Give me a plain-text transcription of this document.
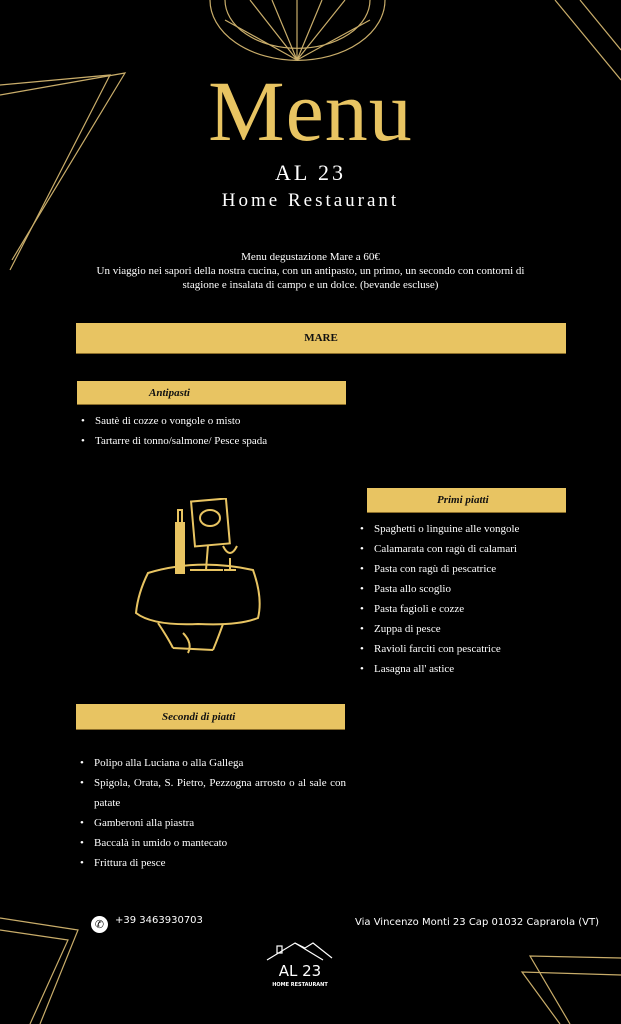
Menu
AL 23
Home Restaurant
Menu degustazione Mare a 60€
Un viaggio nei sapori della nostra cucina, con un antipasto, un primo, un secondo con contorni di stagione e insalata di campo e un dolce. (bevande escluse)
MARE
Antipasti
• Sautè di cozze o vongole o misto
• Tartarre di tonno/salmone/ Pesce spada
Primi piatti
• Spaghetti o linguine alle vongole
• Calamarata con ragù di calamari
• Pasta con ragù di pescatrice
• Pasta allo scoglio
• Pasta fagioli e cozze
• Zuppa di pesce
• Ravioli farciti con pescatrice
• Lasagna all' astice
Secondi di piatti
• Polipo alla Luciana o alla Gallega
• Spigola, Orata, S. Pietro, Pezzogna arrosto o al sale con patate
• Gamberoni alla piastra
• Baccalà in umido o mantecato
• Frittura di pesce
✆	+39 3463930703	Via Vincenzo Monti 23 Cap 01032 Caprarola (VT)
AL 23
HOME RESTAURANT
